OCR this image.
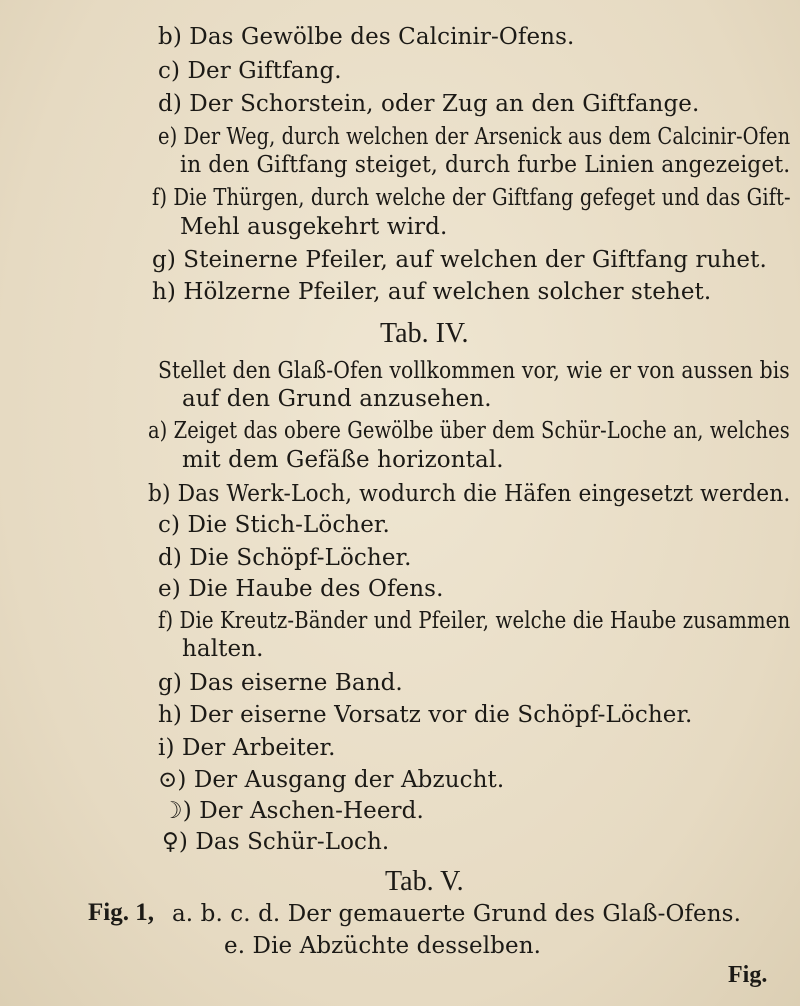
b) Das Gewölbe des Calcinir-Ofens.
c) Der Giftfang.
d) Der Schorstein, oder Zug an den Giftfange.
e) Der Weg, durch welchen der Arsenick aus dem Calcinir-Ofen
in den Giftfang steiget, durch furbe Linien angezeiget.
f) Die Thürgen, durch welche der Giftfang gefeget und das Gift-
Mehl ausgekehrt wird.
g) Steinerne Pfeiler, auf welchen der Giftfang ruhet.
h) Hölzerne Pfeiler, auf welchen solcher stehet.
Tab. IV.
Stellet den Glaß-Ofen vollkommen vor, wie er von aussen bis
auf den Grund anzusehen.
a) Zeiget das obere Gewölbe über dem Schür-Loche an, welches
mit dem Gefäße horizontal.
b) Das Werk-Loch, wodurch die Häfen eingesetzt werden.
c) Die Stich-Löcher.
d) Die Schöpf-Löcher.
e) Die Haube des Ofens.
f) Die Kreutz-Bänder und Pfeiler, welche die Haube zusammen
halten.
g) Das eiserne Band.
h) Der eiserne Vorsatz vor die Schöpf-Löcher.
i) Der Arbeiter.
⊙) Der Ausgang der Abzucht.
☽) Der Aschen-Heerd.
♀) Das Schür-Loch.
Tab. V.
Fig. 1, a. b. c. d. Der gemauerte Grund des Glaß-Ofens.
e. Die Abzüchte desselben.
Fig.
